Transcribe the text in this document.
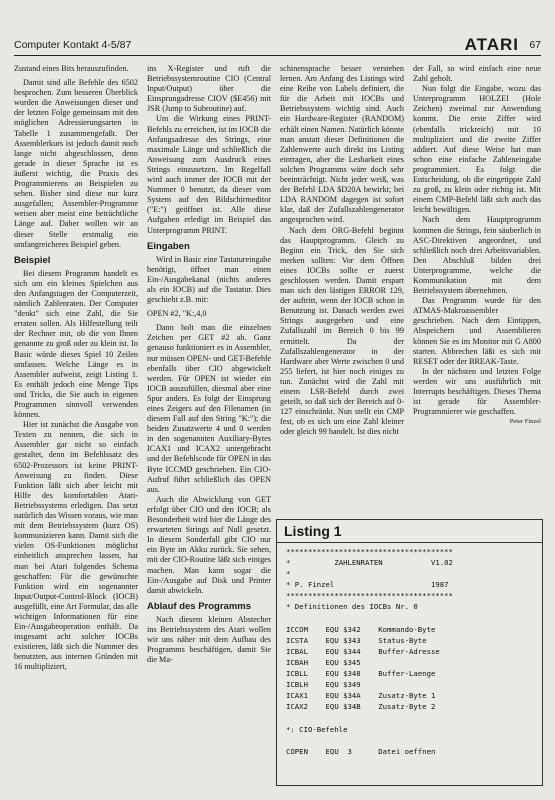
Computer Kontakt 4-5/87	ATARI 67

Zustand eines Bits herauszufinden.

Damit sind alle Befehle des 6502 besprochen. Zum besseren Überblick wurden die Anweisungen dieser und der letzten Folge gemeinsam mit den möglichen Adressierungsarten in Tabelle 1 zusammengefaßt. Der Assemblerkurs ist jedoch damit noch lange nicht abgeschlossen, denn gerade in dieser Sprache ist es äußerst wichtig, die Praxis des Programmierens an Beispielen zu sehen. Bisher sind diese nur kurz ausgefallen; Assembler-Programme weisen aber meist eine beträchtliche Länge auf. Daher wollen wir an dieser Stelle erstmalig ein umfangreicheres Beispiel geben.

Beispiel

Bei diesem Programm handelt es sich um ein kleines Spielchen aus den Anfangstagen der Computerzeit, nämlich Zahlenraten. Der Computer "denkt" sich eine Zahl, die Sie erraten sollen. Als Hilfestellung teilt der Rechner mit, ob die von Ihnen genannte zu groß oder zu klein ist. In Basic würde dieses Spiel 10 Zeilen umfassen. Welche Länge es in Assembler aufweist, zeigt Listing 1. Es enthält jedoch eine Menge Tips und Tricks, die Sie auch in eigenen Programmen sinnvoll verwenden können.

Hier ist zunächst die Ausgabe von Texten zu nennen, die sich in Assembler gar nicht so einfach gestaltet, denn im Befehlssatz des 6502-Prozessors ist keine PRINT-Anweisung zu finden. Diese Funktion läßt sich aber leicht mit Hilfe des komfortablen Atari-Betriebssystems erledigen. Das setzt natürlich das Wissen voraus, wie man mit dem Betriebssystem (kurz OS) kommunizieren kann. Damit sich die vielen OS-Funktionen möglichst einheitlich ansprechen lassen, hat man bei Atari folgendes Schema geschaffen: Für die gewünschte Funktion wird ein sogenannter Input/Output-Control-Block (IOCB) ausgefüllt, eine Art Formular, das alle wichtigen Informationen für eine Ein-/Ausgabeoperation enthält. Da insgesamt acht solcher IOCBs existieren, läßt sich die Nummer des benutzten, aus internen Gründen mit 16 multipliziert,

ins X-Register und ruft die Betriebssystemroutine CIO (Central Input/Output) über die Einsprungadresse CIOV ($E456) mit JSR (Jump to Subroutine) auf.

Um die Wirkung eines PRINT-Befehls zu erreichen, ist im IOCB die Anfangsadresse des Strings, eine maximale Länge und schließlich die Anweisung zum Ausdruck eines Strings einzusetzen. Im Regelfall wird auch immer der IOCB mit der Nummer 0 benutzt, da dieser vom System auf den Bildschirmeditor ("E:") geöffnet ist. Alle diese Aufgaben erledigt im Beispiel das Unterprogramm PRINT.

Eingaben

Wird in Basic eine Tastatureingabe benötigt, öffnet man einen Ein-/Ausgabekanal (nichts anderes als ein IOCB) auf die Tastatur. Dies geschieht z.B. mit:

OPEN #2, "K:,4,0

Dann holt man die einzelnen Zeichen per GET #2 ab. Ganz genauso funktioniert es in Assembler, nur müssen OPEN- und GET-Befehle ebenfalls über CIO abgewickelt werden. Für OPEN ist wieder ein IOCB auszufüllen, diesmal aber eine Spur anders. Es folgt der Einsprung eines Zeigers auf den Filenamen (in diesem Fall auf den String "K:"); die beiden Zusatzwerte 4 und 0 werden in den sogenannten Auxiliary-Bytes ICAX1 und ICAX2 untergebracht und der Befehlscode für OPEN in das Byte ICCMD geschrieben. Ein CIO-Aufruf führt schließlich das OPEN aus.

Auch die Abwicklung von GET erfolgt über CIO und den IOCB; als Besonderheit wird hier die Länge des erwarteten Strings auf Null gesetzt. In diesem Sonderfall gibt CIO nur ein Byte im Akku zurück. Sie sehen, mit der CIO-Routine läßt sich einiges machen. Man kann sogar die Ein-/Ausgabe auf Disk und Printer damit abwickeln.

Ablauf des Programms

Nach diesem kleinen Abstecher ins Betriebssystem des Atari wollen wir uns näher mit dem Aufbau des Programms beschäftigen, damit Sie die Ma-

schinensprache besser verstehen lernen. Am Anfang des Listings wird eine Reihe von Labels definiert, die für die Arbeit mit IOCBs und Betriebssystem wichtig sind. Auch ein Hardware-Register (RANDOM) erhält einen Namen. Natürlich könnte man anstatt dieser Definitionen die Zahlenwerte auch direkt ins Listing eintragen, aber die Lesbarkeit eines solchen Programms wäre doch sehr beeinträchtigt. Nicht jeder weiß, was der Befehl LDA $D20A bewirkt; bei LDA RANDOM dagegen ist sofort klar, daß der Zufallszahlengenerator angesprochen wird.

Nach dem ORG-Befehl beginnt das Hauptprogramm. Gleich zu Beginn ein Trick, den Sie sich merken sollten: Vor dem Öffnen eines IOCBs sollte er zuerst geschlossen werden. Damit erspart man sich den lästigen ERROR 129, der auftritt, wenn der IOCB schon in Benutzung ist. Danach werden zwei Strings ausgegeben und eine Zufallszahl im Bereich 0 bis 99 ermittelt. Da der Zufallszahlengenerator in der Hardware aber Werte zwischen 0 und 255 liefert, ist hier noch einiges zu tun. Zunächst wird die Zahl mit einem LSR-Befehl durch zwei geteilt, so daß sich der Bereich auf 0-127 einschränkt. Nun stellt ein CMP fest, ob es sich um eine Zahl kleiner oder gleich 99 handelt. Ist dies nicht

der Fall, so wird einfach eine neue Zahl geholt.

Nun folgt die Eingabe, wozu das Unterprogramm HOLZEI (Hole Zeichen) zweimal zur Anwendung kommt. Die erste Ziffer wird (ebenfalls trickreich) mit 10 multipliziert und die zweite Ziffer addiert. Auf diese Weise hat man schon eine einfache Zahleneingabe programmiert. Es folgt die Entscheidung, ob die eingetippte Zahl zu groß, zu klein oder richtig ist. Mit einem CMP-Befehl läßt sich auch das leicht bewältigen.

Nach dem Hauptprogramm kommen die Strings, fein säuberlich in ASC-Direktiven angeordnet, und schließlich noch drei Arbeitsvariablen. Den Abschluß bilden drei Unterprogramme, welche die Kommunikation mit dem Betriebssystem übernehmen.

Das Programm wurde für den ATMAS-Makroassembler geschrieben. Nach dem Eintippen, Abspeichern und Assemblieren können Sie es im Monitor mit G A800 starten. Abbrechen läßt es sich mit RESET oder der BREAK-Taste.

In der nächsten und letzten Folge werden wir uns ausführlich mit Interrupts beschäftigen. Dieses Thema ist gerade für Assembler-Programmierer wie geschaffen.

Peter Finzel

Listing 1
**************************************
*          ZAHLENRATEN           V1.02
*
* P. Finzel                      1987
**************************************
* Definitionen des IOCBs Nr. 0
ICCOM    EQU $342    Kommando-Byte
ICSTA    EQU $343    Status-Byte
ICBAL    EQU $344    Buffer-Adresse
ICBAH    EQU $345
ICBLL    EQU $348    Buffer-Laenge
ICBLH    EQU $349
ICAX1    EQU $34A    Zusatz-Byte 1
ICAX2    EQU $34B    Zusatz-Byte 2
*: CIO-Befehle
COPEN    EQU  3      Datei oeffnen
